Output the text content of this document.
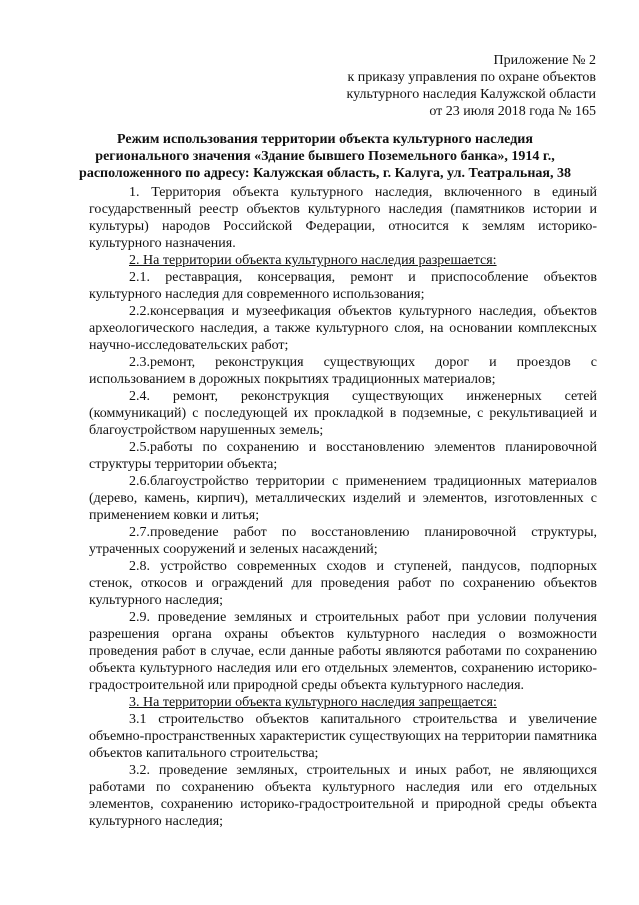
Приложение № 2
к приказу управления по охране объектов
культурного наследия Калужской области
от 23 июля 2018 года № 165
Режим использования территории объекта культурного наследия
регионального значения «Здание бывшего Поземельного банка», 1914 г.,
расположенного по адресу: Калужская область, г. Калуга, ул. Театральная, 38

1. Территория объекта культурного наследия, включенного в единый государственный реестр объектов культурного наследия (памятников истории и культуры) народов Российской Федерации, относится к землям историко-культурного назначения.

2. На территории объекта культурного наследия разрешается:

2.1. реставрация, консервация, ремонт и приспособление объектов культурного наследия для современного использования;

2.2.консервация и музеефикация объектов культурного наследия, объектов археологического наследия, а также культурного слоя, на основании комплексных научно-исследовательских работ;

2.3.ремонт, реконструкция существующих дорог и проездов с использованием в дорожных покрытиях традиционных материалов;

2.4. ремонт, реконструкция существующих инженерных сетей (коммуникаций) с последующей их прокладкой в подземные, с рекультивацией и благоустройством нарушенных земель;

2.5.работы по сохранению и восстановлению элементов планировочной структуры территории объекта;

2.6.благоустройство территории с применением традиционных материалов (дерево, камень, кирпич), металлических изделий и элементов, изготовленных с применением ковки и литья;

2.7.проведение работ по восстановлению планировочной структуры, утраченных сооружений и зеленых насаждений;

2.8. устройство современных сходов и ступеней, пандусов, подпорных стенок, откосов и ограждений для проведения работ по сохранению объектов культурного наследия;

2.9. проведение земляных и строительных работ при условии получения разрешения органа охраны объектов культурного наследия о возможности проведения работ в случае, если данные работы являются работами по сохранению объекта культурного наследия или его отдельных элементов, сохранению историко-градостроительной или природной среды объекта культурного наследия.

3. На территории объекта культурного наследия запрещается:

3.1 строительство объектов капитального строительства и увеличение объемно-пространственных характеристик существующих на территории памятника объектов капитального строительства;

3.2. проведение земляных, строительных и иных работ, не являющихся работами по сохранению объекта культурного наследия или его отдельных элементов, сохранению историко-градостроительной и природной среды объекта культурного наследия;
